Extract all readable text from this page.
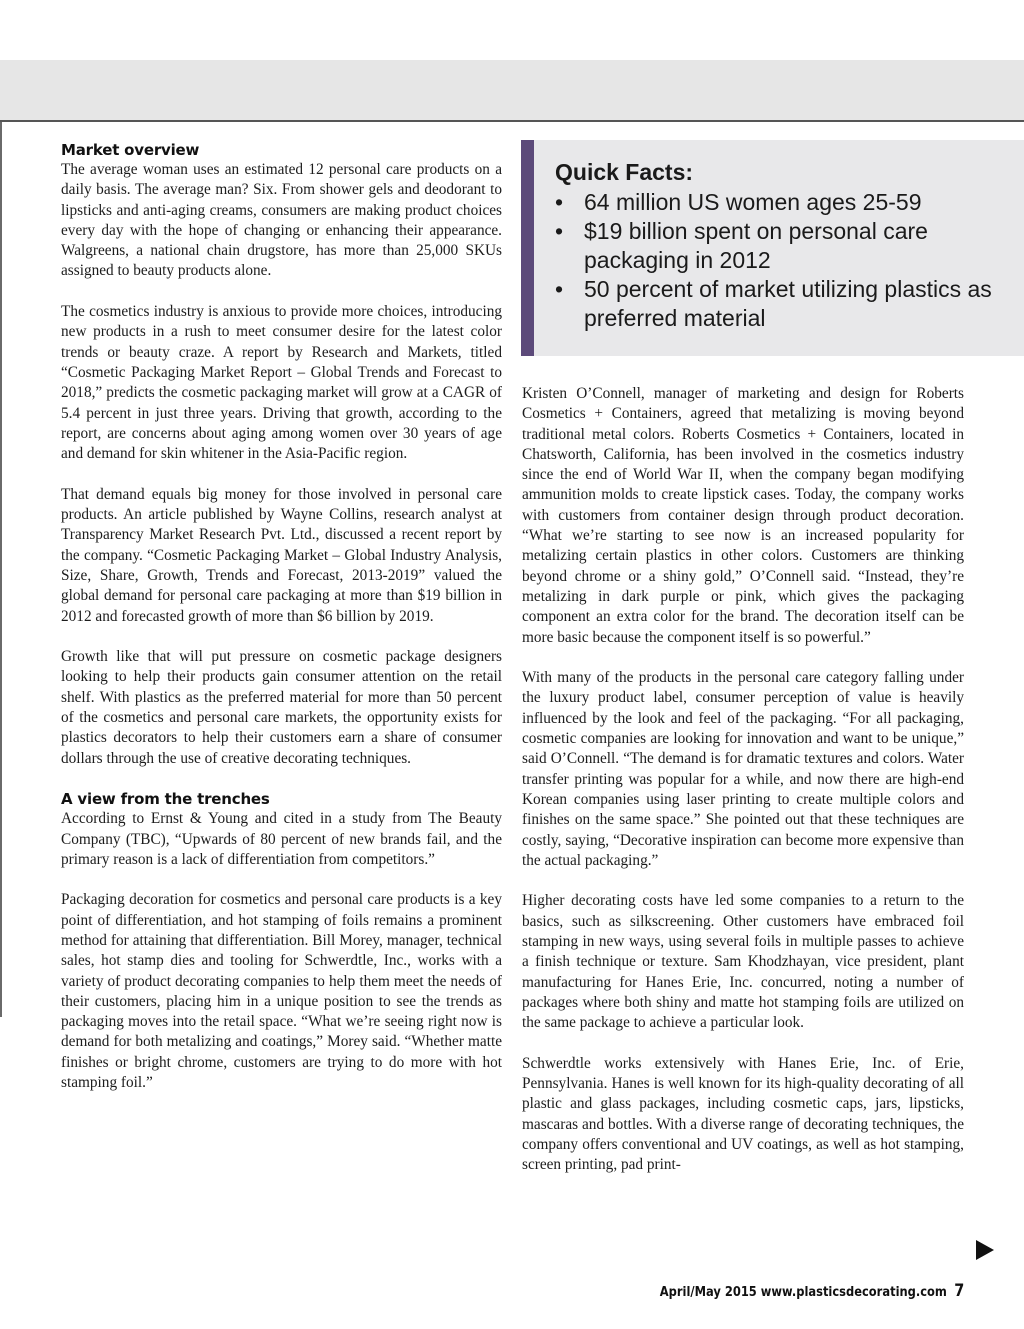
Market overview

The average woman uses an estimated 12 personal care products on a daily basis. The average man? Six. From shower gels and deodorant to lipsticks and anti-aging creams, consumers are making product choices every day with the hope of changing or enhancing their appearance. Walgreens, a national chain drugstore, has more than 25,000 SKUs assigned to beauty products alone.

The cosmetics industry is anxious to provide more choices, introducing new products in a rush to meet consumer desire for the latest color trends or beauty craze. A report by Research and Markets, titled “Cosmetic Packaging Market Report – Global Trends and Forecast to 2018,” predicts the cosmetic packaging market will grow at a CAGR of 5.4 percent in just three years. Driving that growth, according to the report, are concerns about aging among women over 30 years of age and demand for skin whitener in the Asia-Pacific region.

That demand equals big money for those involved in personal care products. An article published by Wayne Collins, research analyst at Transparency Market Research Pvt. Ltd., discussed a recent report by the company. “Cosmetic Packaging Market – Global Industry Analysis, Size, Share, Growth, Trends and Forecast, 2013-2019” valued the global demand for personal care packaging at more than $19 billion in 2012 and forecasted growth of more than $6 billion by 2019.

Growth like that will put pressure on cosmetic package designers looking to help their products gain consumer attention on the retail shelf. With plastics as the preferred material for more than 50 percent of the cosmetics and personal care markets, the opportunity exists for plastics decorators to help their customers earn a share of consumer dollars through the use of creative decorating techniques.

A view from the trenches

According to Ernst & Young and cited in a study from The Beauty Company (TBC), “Upwards of 80 percent of new brands fail, and the primary reason is a lack of differentiation from competitors.”

Packaging decoration for cosmetics and personal care products is a key point of differentiation, and hot stamping of foils remains a prominent method for attaining that differentiation. Bill Morey, manager, technical sales, hot stamp dies and tooling for Schwerdtle, Inc., works with a variety of product decorating companies to help them meet the needs of their customers, placing him in a unique position to see the trends as packaging moves into the retail space. “What we’re seeing right now is demand for both metalizing and coatings,” Morey said. “Whether matte finishes or bright chrome, customers are trying to do more with hot stamping foil.”

Quick Facts:
• 64 million US women ages 25-59
• $19 billion spent on personal care packaging in 2012
• 50 percent of market utilizing plastics as preferred material

Kristen O’Connell, manager of marketing and design for Roberts Cosmetics + Containers, agreed that metalizing is moving beyond traditional metal colors. Roberts Cosmetics + Containers, located in Chatsworth, California, has been involved in the cosmetics industry since the end of World War II, when the company began modifying ammunition molds to create lipstick cases. Today, the company works with customers from container design through product decoration. “What we’re starting to see now is an increased popularity for metalizing certain plastics in other colors. Customers are thinking beyond chrome or a shiny gold,” O’Connell said. “Instead, they’re metalizing in dark purple or pink, which gives the packaging component an extra color for the brand. The decoration itself can be more basic because the component itself is so powerful.”

With many of the products in the personal care category falling under the luxury product label, consumer perception of value is heavily influenced by the look and feel of the packaging. “For all packaging, cosmetic companies are looking for innovation and want to be unique,” said O’Connell. “The demand is for dramatic textures and colors. Water transfer printing was popular for a while, and now there are high-end Korean companies using laser printing to create multiple colors and finishes on the same space.” She pointed out that these techniques are costly, saying, “Decorative inspiration can become more expensive than the actual packaging.”

Higher decorating costs have led some companies to a return to the basics, such as silkscreening. Other customers have embraced foil stamping in new ways, using several foils in multiple passes to achieve a finish technique or texture. Sam Khodzhayan, vice president, plant manufacturing for Hanes Erie, Inc. concurred, noting a number of packages where both shiny and matte hot stamping foils are utilized on the same package to achieve a particular look.

Schwerdtle works extensively with Hanes Erie, Inc. of Erie, Pennsylvania. Hanes is well known for its high-quality decorating of all plastic and glass packages, including cosmetic caps, jars, lipsticks, mascaras and bottles. With a diverse range of decorating techniques, the company offers conventional and UV coatings, as well as hot stamping, screen printing, pad print-

April/May 2015 www.plasticsdecorating.com 7
